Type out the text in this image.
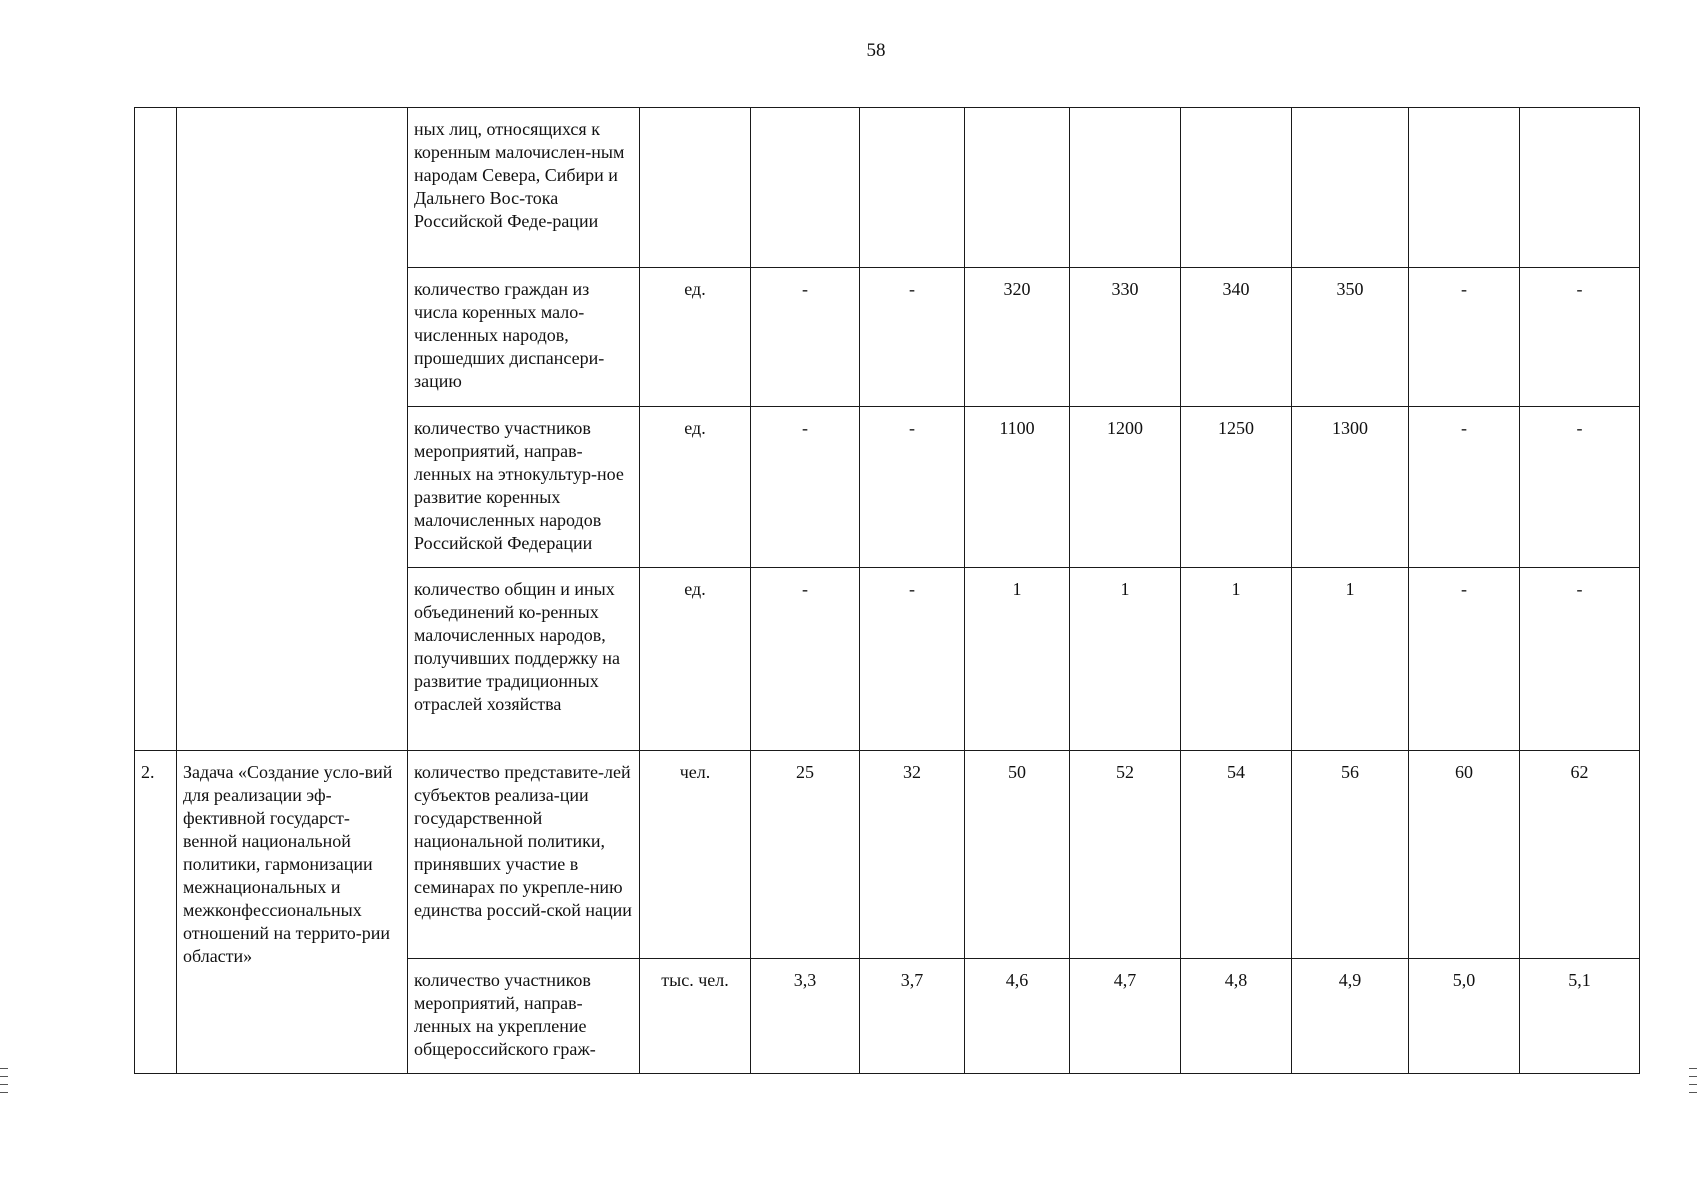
58
		ных лиц, относящихся к коренным малочислен-ным народам Севера, Сибири и Дальнего Вос-тока Российской Феде-рации									
		количество граждан из числа коренных мало-численных народов, прошедших диспансери-зацию	ед.	-	-	320	330	340	350	-	-
		количество участников мероприятий, направ-ленных на этнокультур-ное развитие коренных малочисленных народов Российской Федерации	ед.	-	-	1100	1200	1250	1300	-	-
		количество общин и иных объединений ко-ренных малочисленных народов, получивших поддержку на развитие традиционных отраслей хозяйства	ед.	-	-	1	1	1	1	-	-
2.	Задача «Создание усло-вий для реализации эф-фективной государст-венной национальной политики, гармонизации межнациональных и межконфессиональных отношений на террито-рии области»	количество представите-лей субъектов реализа-ции государственной национальной политики, принявших участие в семинарах по укрепле-нию единства россий-ской нации	чел.	25	32	50	52	54	56	60	62
		количество участников мероприятий, направ-ленных на укрепление общероссийского граж-	тыс. чел.	3,3	3,7	4,6	4,7	4,8	4,9	5,0	5,1
